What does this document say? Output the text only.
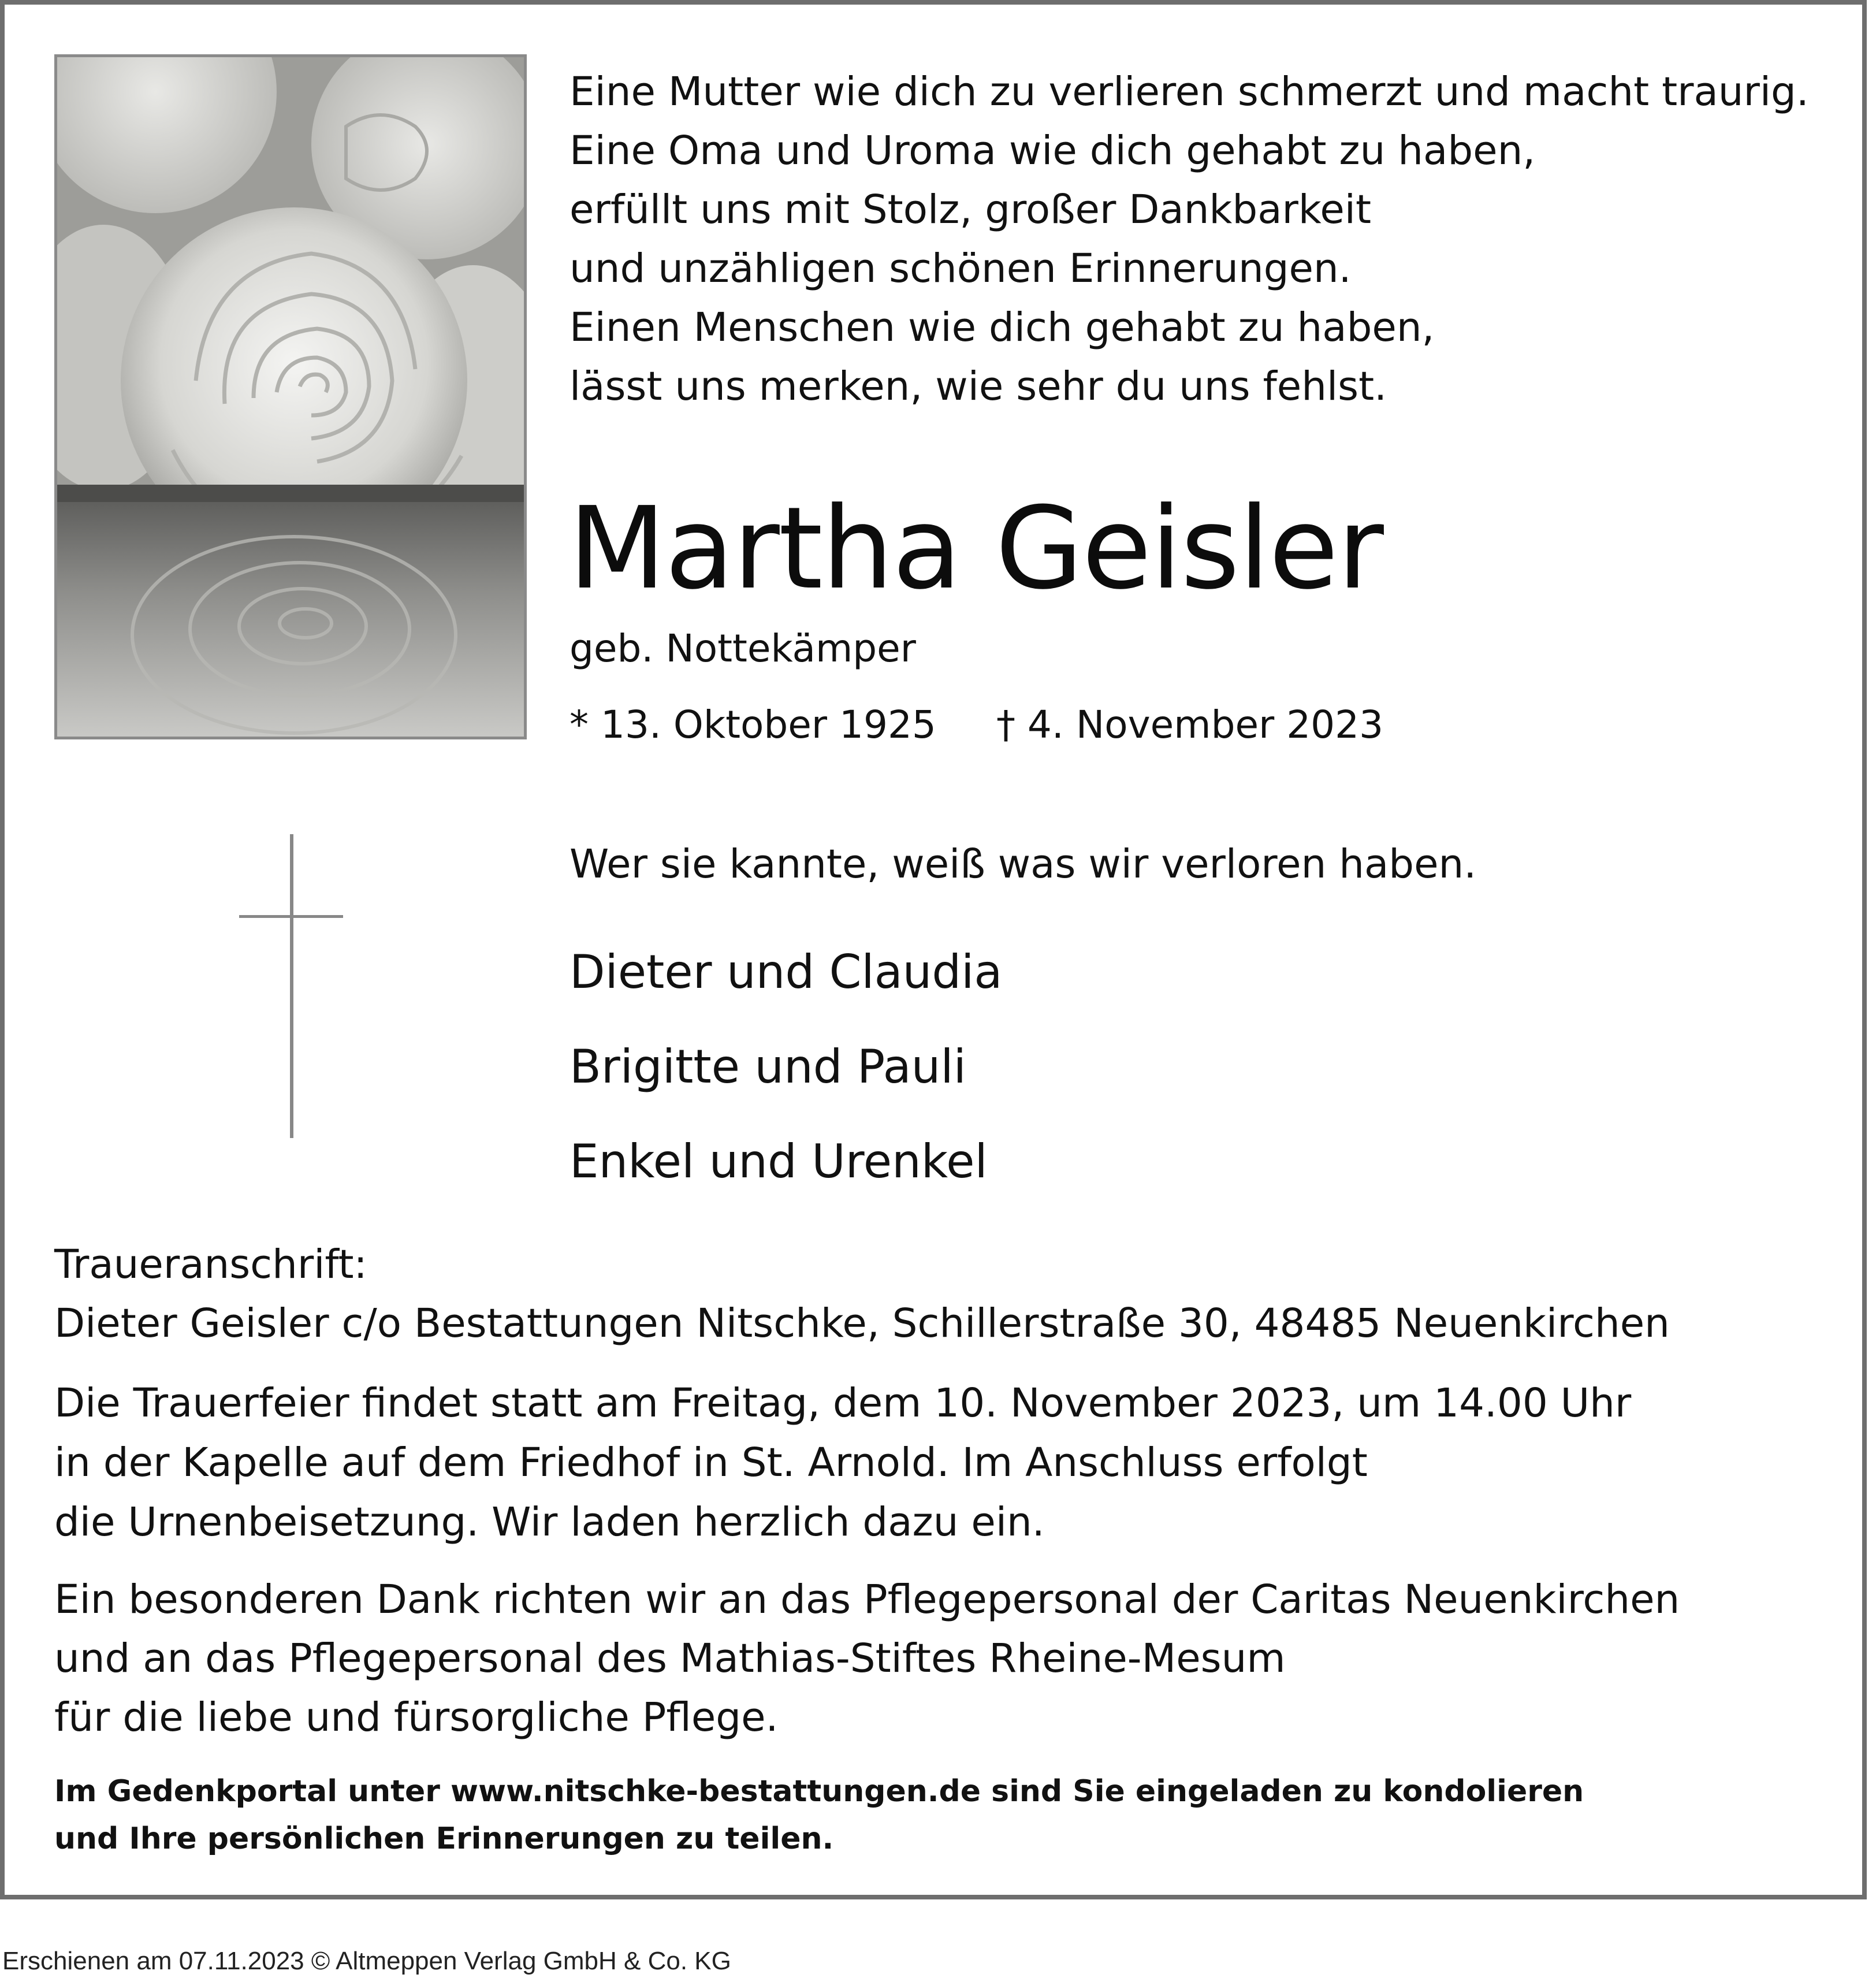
Eine Mutter wie dich zu verlieren schmerzt und macht traurig.
Eine Oma und Uroma wie dich gehabt zu haben,
erfüllt uns mit Stolz, großer Dankbarkeit
und unzähligen schönen Erinnerungen.
Einen Menschen wie dich gehabt zu haben,
lässt uns merken, wie sehr du uns fehlst.
Martha Geisler
geb. Nottekämper
* 13. Oktober 1925 † 4. November 2023
Wer sie kannte, weiß was wir verloren haben.
Dieter und Claudia
Brigitte und Pauli
Enkel und Urenkel
Traueranschrift:
Dieter Geisler c/o Bestattungen Nitschke, Schillerstraße 30, 48485 Neuenkirchen
Die Trauerfeier findet statt am Freitag, dem 10. November 2023, um 14.00 Uhr
in der Kapelle auf dem Friedhof in St. Arnold. Im Anschluss erfolgt
die Urnenbeisetzung. Wir laden herzlich dazu ein.
Ein besonderen Dank richten wir an das Pflegepersonal der Caritas Neuenkirchen
und an das Pflegepersonal des Mathias-Stiftes Rheine-Mesum
für die liebe und fürsorgliche Pflege.
Im Gedenkportal unter www.nitschke-bestattungen.de sind Sie eingeladen zu kondolieren
und Ihre persönlichen Erinnerungen zu teilen.
Erschienen am 07.11.2023 © Altmeppen Verlag GmbH & Co. KG
